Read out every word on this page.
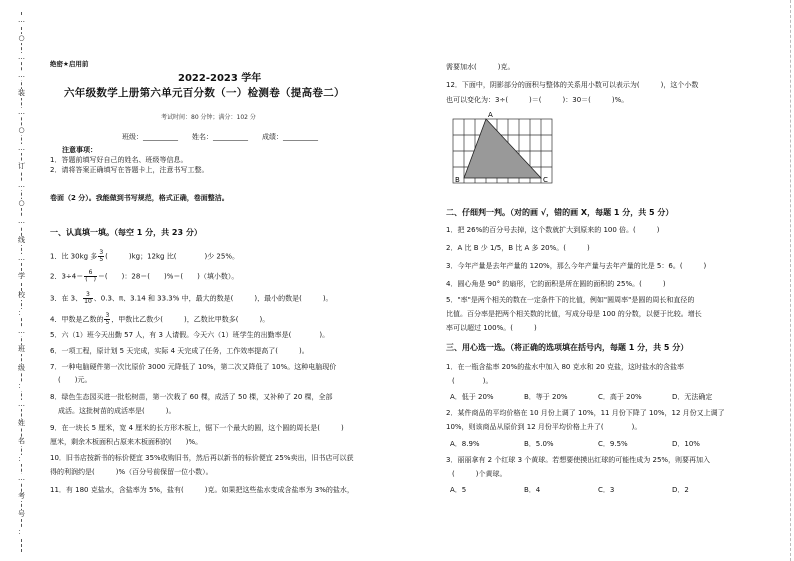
…
○
…
…
装
…
○
…
订
…
○
…
线
…
学
校
：
…
班
级
：
…
姓
名
：
…
考
号
：
绝密★启用前
2022-2023 学年
六年级数学上册第六单元百分数（一）检测卷（提高卷二）
考试时间：80 分钟；满分：102 分
班级：__________　　姓名：__________　　成绩：__________
注意事项：
1．答题前填写好自己的姓名、班级等信息。
2．请将答案正确填写在答题卡上，注意书写工整。
卷面（2 分）。我能做到书写规范，格式正确，卷面整洁。
一、认真填一填。（每空 1 分，共 23 分）
1．比 30kg 多 $\frac{3}{5}$ (　　　)kg；12kg 比(　　　　)少 25%。
2．$3\div 4= \frac{6}{( )}$ ＝(　　)：28＝(　　)%＝(　　)（填小数）。
3．在 3、 $\frac{3}{10}$ 、0.3、π、3.14 和 33.3% 中，最大的数是(　　　)，最小的数是(　　　)。
4．甲数是乙数的 $\frac{3}{5}$ ，甲数比乙数少(　　　)，乙数比甲数多(　　　)。
5．六（1）班今天出勤 57 人，有 3 人请假。今天六（1）班学生的出勤率是(　　　　)。
6．一项工程，原计划 5 天完成，实际 4 天完成了任务，工作效率提高了(　　　)。
7．一种电脑硬件第一次比原价 3000 元降低了 10%，第二次又降低了 10%。这种电脑现价
(　　)元。
8．绿色生态园买进一批松树苗，第一次栽了 60 棵，成活了 50 棵，又补种了 20 棵，全部
成活。这批树苗的成活率是(　　　)。
9．在一块长 5 厘米，宽 4 厘米的长方形木板上，锯下一个最大的圆，这个圆的周长是(　　　)
厘米，剩余木板面积占原来木板面积的(　　)%。
10．旧书店按新书的标价便宜 35%收购旧书，然后再以新书的标价便宜 25%卖出，旧书店可以获
得的利润约是(　　　)%（百分号前保留一位小数）。
11．有 180 克盐水，含盐率为 5%，盐有(　　　)克。如果把这些盐水变成含盐率为 3%的盐水，
需要加水(　　　)克。
12．下面中，阴影部分的面积与整体的关系用小数可以表示为(　　　)，这个小数
也可以变化为：3÷(　　　)＝(　　　)：30＝(　　　)%。
二、仔细判一判。（对的画 √，错的画 X，每题 1 分，共 5 分）
1．把 26%的百分号去掉，这个数就扩大到原来的 100 倍。(　　　)
2．A 比 B 少 1/5，B 比 A 多 20%。(　　　)
3．今年产量是去年产量的 120%，那么今年产量与去年产量的比是 5：6。(　　　)
4．圆心角是 90° 的扇形，它的面积是所在圆的面积的 25%。(　　　)
5．"率"是两个相关的数在一定条件下的比值，例如"圆周率"是圆的周长和直径的
比值。百分率是把两个相关数的比值，写成分母是 100 的分数，以便于比较。增长
率可以超过 100%。(　　　)
三、用心选一选。（将正确的选项填在括号内，每题 1 分，共 5 分）
1．在一瓶含盐率 20%的盐水中加入 80 克水和 20 克盐，这时盐水的含盐率
(　　　　)。
A．低于 20%	B．等于 20%	C．高于 20%	D．无法确定
2．某件商品的平均价格在 10 月份上调了 10%，11 月份下降了 10%，12 月份又上调了
10%，则该商品从原价到 12 月份平均价格上升了(　　　　)。
A．8.9%	B．5.0%	C．9.5%	D．10%
3．丽丽拿有 2 个红球 3 个黄球。若想要使摸出红球的可能性成为 25%，则要再加入
(　　　)个黄球。
A．5	B．4	C．3	D．2
A
B	C
